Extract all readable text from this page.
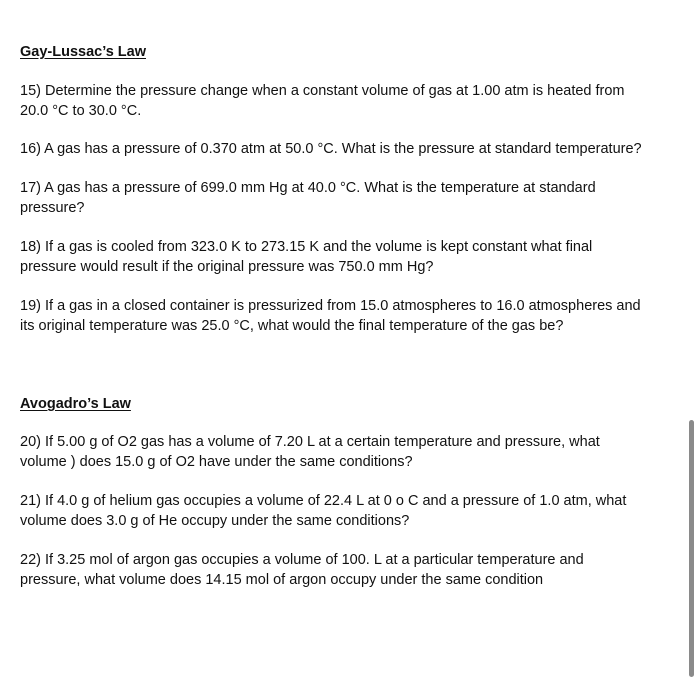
Gay-Lussac’s Law
15) Determine the pressure change when a constant volume of gas at 1.00 atm is heated from
20.0 °C to 30.0 °C.
16) A gas has a pressure of 0.370 atm at 50.0 °C. What is the pressure at standard temperature?
17) A gas has a pressure of 699.0 mm Hg at 40.0 °C. What is the temperature at standard
pressure?
18) If a gas is cooled from 323.0 K to 273.15 K and the volume is kept constant what final
pressure would result if the original pressure was 750.0 mm Hg?
19) If a gas in a closed container is pressurized from 15.0 atmospheres to 16.0 atmospheres and
its original temperature was 25.0 °C, what would the final temperature of the gas be?
Avogadro’s Law
20) If 5.00 g of O2 gas has a volume of 7.20 L at a certain temperature and pressure, what
volume ) does 15.0 g of O2 have under the same conditions?
21) If 4.0 g of helium gas occupies a volume of 22.4 L at 0 o C and a pressure of 1.0 atm, what
volume does 3.0 g of He occupy under the same conditions?
22) If 3.25 mol of argon gas occupies a volume of 100. L at a particular temperature and
pressure, what volume does 14.15 mol of argon occupy under the same condition
